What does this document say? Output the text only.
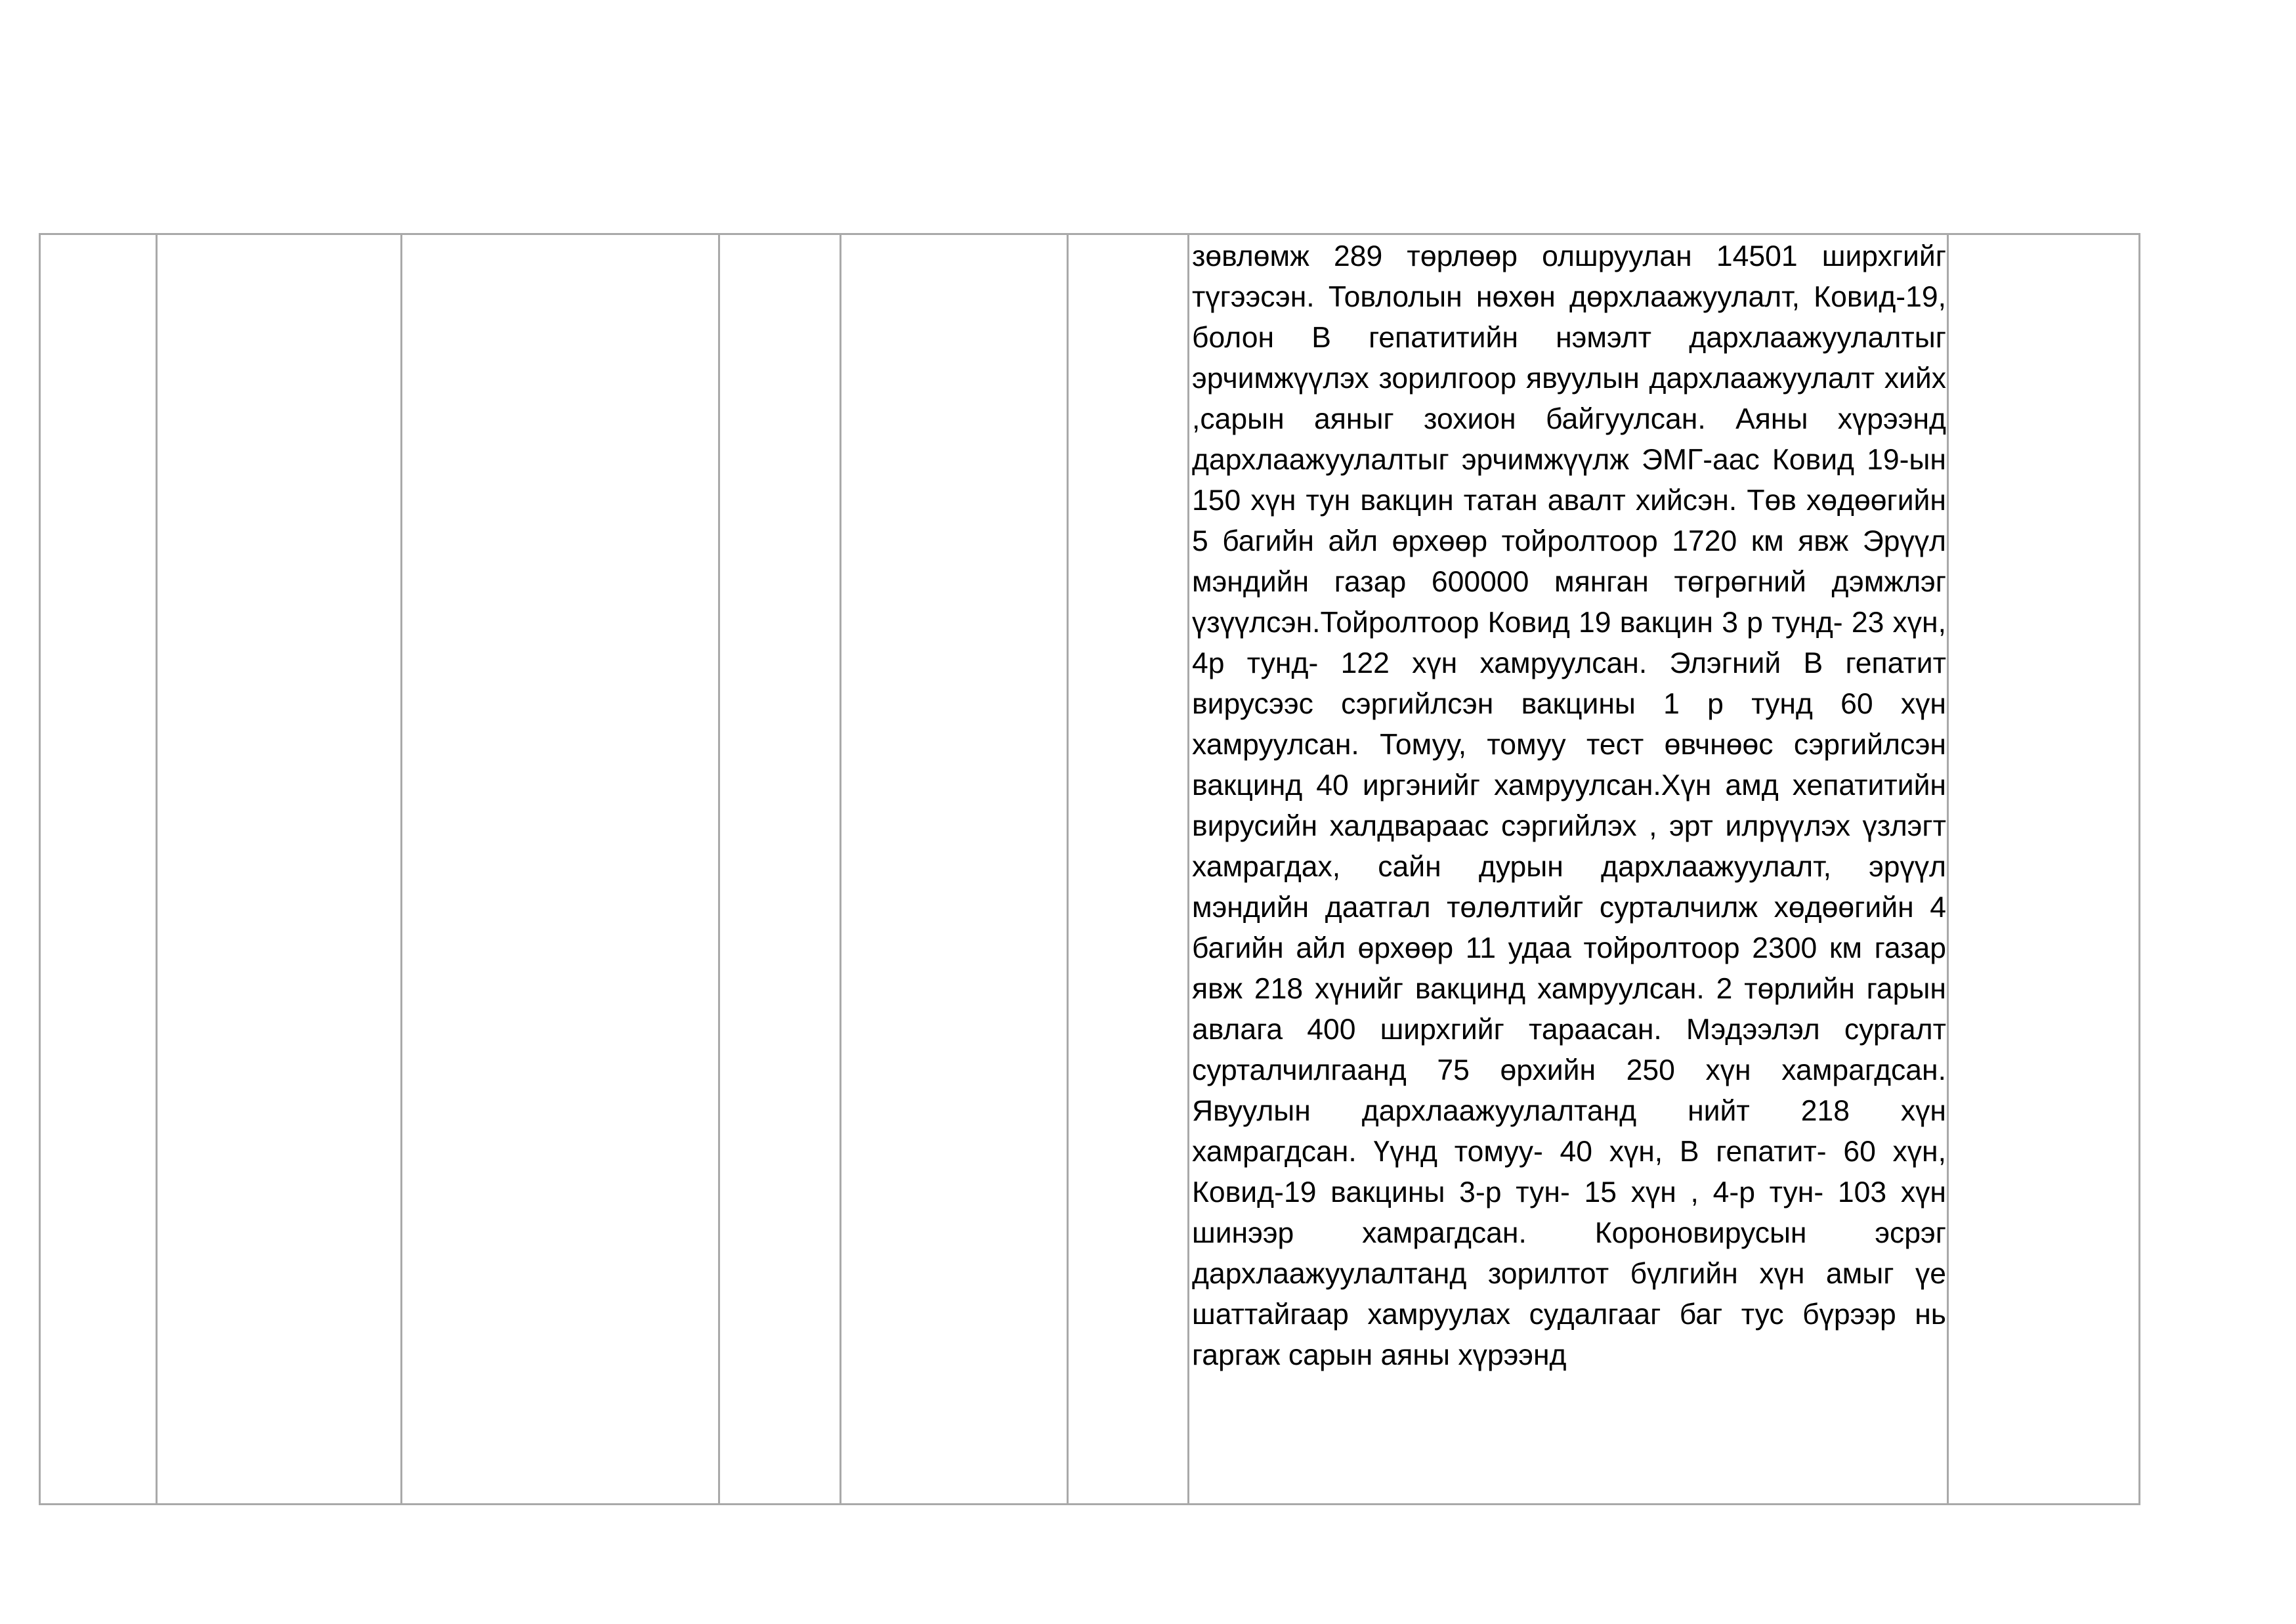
зөвлөмж 289 төрлөөр олшруулан 14501 ширхгийг түгээсэн. Товлолын нөхөн дөрхлаажуулалт, Ковид-19, болон В гепатитийн нэмэлт дархлаажуулалтыг эрчимжүүлэх зорилгоор явуулын дархлаажуулалт хийх ,сарын аяныг зохион байгуулсан. Аяны хүрээнд дархлаажуулалтыг эрчимжүүлж ЭМГ-аас Ковид 19-ын 150 хүн тун вакцин татан авалт хийсэн. Төв хөдөөгийн 5 багийн айл өрхөөр тойролтоор 1720 км явж Эрүүл мэндийн газар 600000 мянган төгрөгний дэмжлэг үзүүлсэн.Тойролтоор Ковид 19 вакцин 3 р тунд- 23 хүн, 4р тунд- 122 хүн хамруулсан. Элэгний В гепатит вирусээс сэргийлсэн вакцины 1 р тунд 60 хүн хамруулсан. Томуу, томуу тест өвчнөөс сэргийлсэн вакцинд 40 иргэнийг хамруулсан.Хүн амд хепатитийн вирусийн халдвараас сэргийлэх , эрт илрүүлэх үзлэгт хамрагдах, сайн дурын дархлаажуулалт, эрүүл мэндийн даатгал төлөлтийг сурталчилж хөдөөгийн 4 багийн айл өрхөөр 11 удаа тойролтоор 2300 км газар явж 218 хүнийг вакцинд хамруулсан. 2 төрлийн гарын авлага 400 ширхгийг тараасан. Мэдээлэл сургалт сурталчилгаанд 75 өрхийн 250 хүн хамрагдсан. Явуулын дархлаажуулалтанд нийт 218 хүн хамрагдсан. Үүнд томуу- 40 хүн, В гепатит- 60 хүн, Ковид-19 вакцины 3-р тун- 15 хүн , 4-р тун- 103 хүн шинээр хамрагдсан. Короновирусын эсрэг дархлаажуулалтанд зорилтот бүлгийн хүн амыг үе шаттайгаар хамруулах судалгааг баг тус бүрээр нь гаргаж сарын аяны хүрээнд
